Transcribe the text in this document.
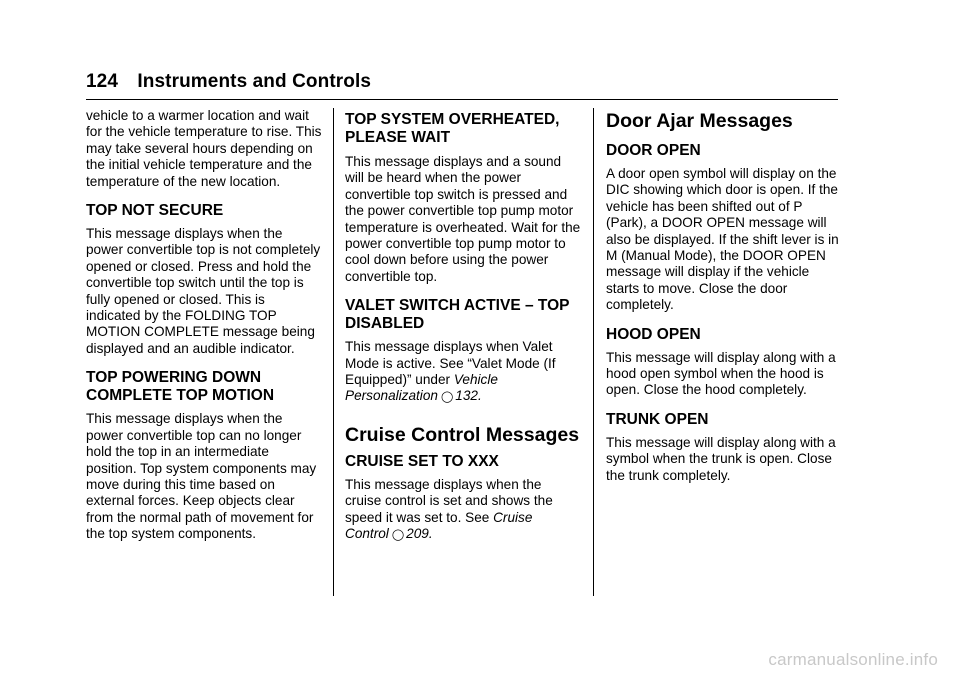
124 Instruments and Controls

vehicle to a warmer location and wait for the vehicle temperature to rise. This may take several hours depending on the initial vehicle temperature and the temperature of the new location.

TOP NOT SECURE

This message displays when the power convertible top is not completely opened or closed. Press and hold the convertible top switch until the top is fully opened or closed. This is indicated by the FOLDING TOP MOTION COMPLETE message being displayed and an audible indicator.

TOP POWERING DOWN COMPLETE TOP MOTION

This message displays when the power convertible top can no longer hold the top in an intermediate position. Top system components may move during this time based on external forces. Keep objects clear from the normal path of movement for the top system components.

TOP SYSTEM OVERHEATED, PLEASE WAIT

This message displays and a sound will be heard when the power convertible top switch is pressed and the power convertible top pump motor temperature is overheated. Wait for the power convertible top pump motor to cool down before using the power convertible top.

VALET SWITCH ACTIVE – TOP DISABLED

This message displays when Valet Mode is active. See “Valet Mode (If Equipped)” under Vehicle Personalization ◯ 132.

Cruise Control Messages
CRUISE SET TO XXX

This message displays when the cruise control is set and shows the speed it was set to. See Cruise Control ◯ 209.

Door Ajar Messages
DOOR OPEN

A door open symbol will display on the DIC showing which door is open. If the vehicle has been shifted out of P (Park), a DOOR OPEN message will also be displayed. If the shift lever is in M (Manual Mode), the DOOR OPEN message will display if the vehicle starts to move. Close the door completely.

HOOD OPEN

This message will display along with a hood open symbol when the hood is open. Close the hood completely.

TRUNK OPEN

This message will display along with a symbol when the trunk is open. Close the trunk completely.

carmanualsonline.info
